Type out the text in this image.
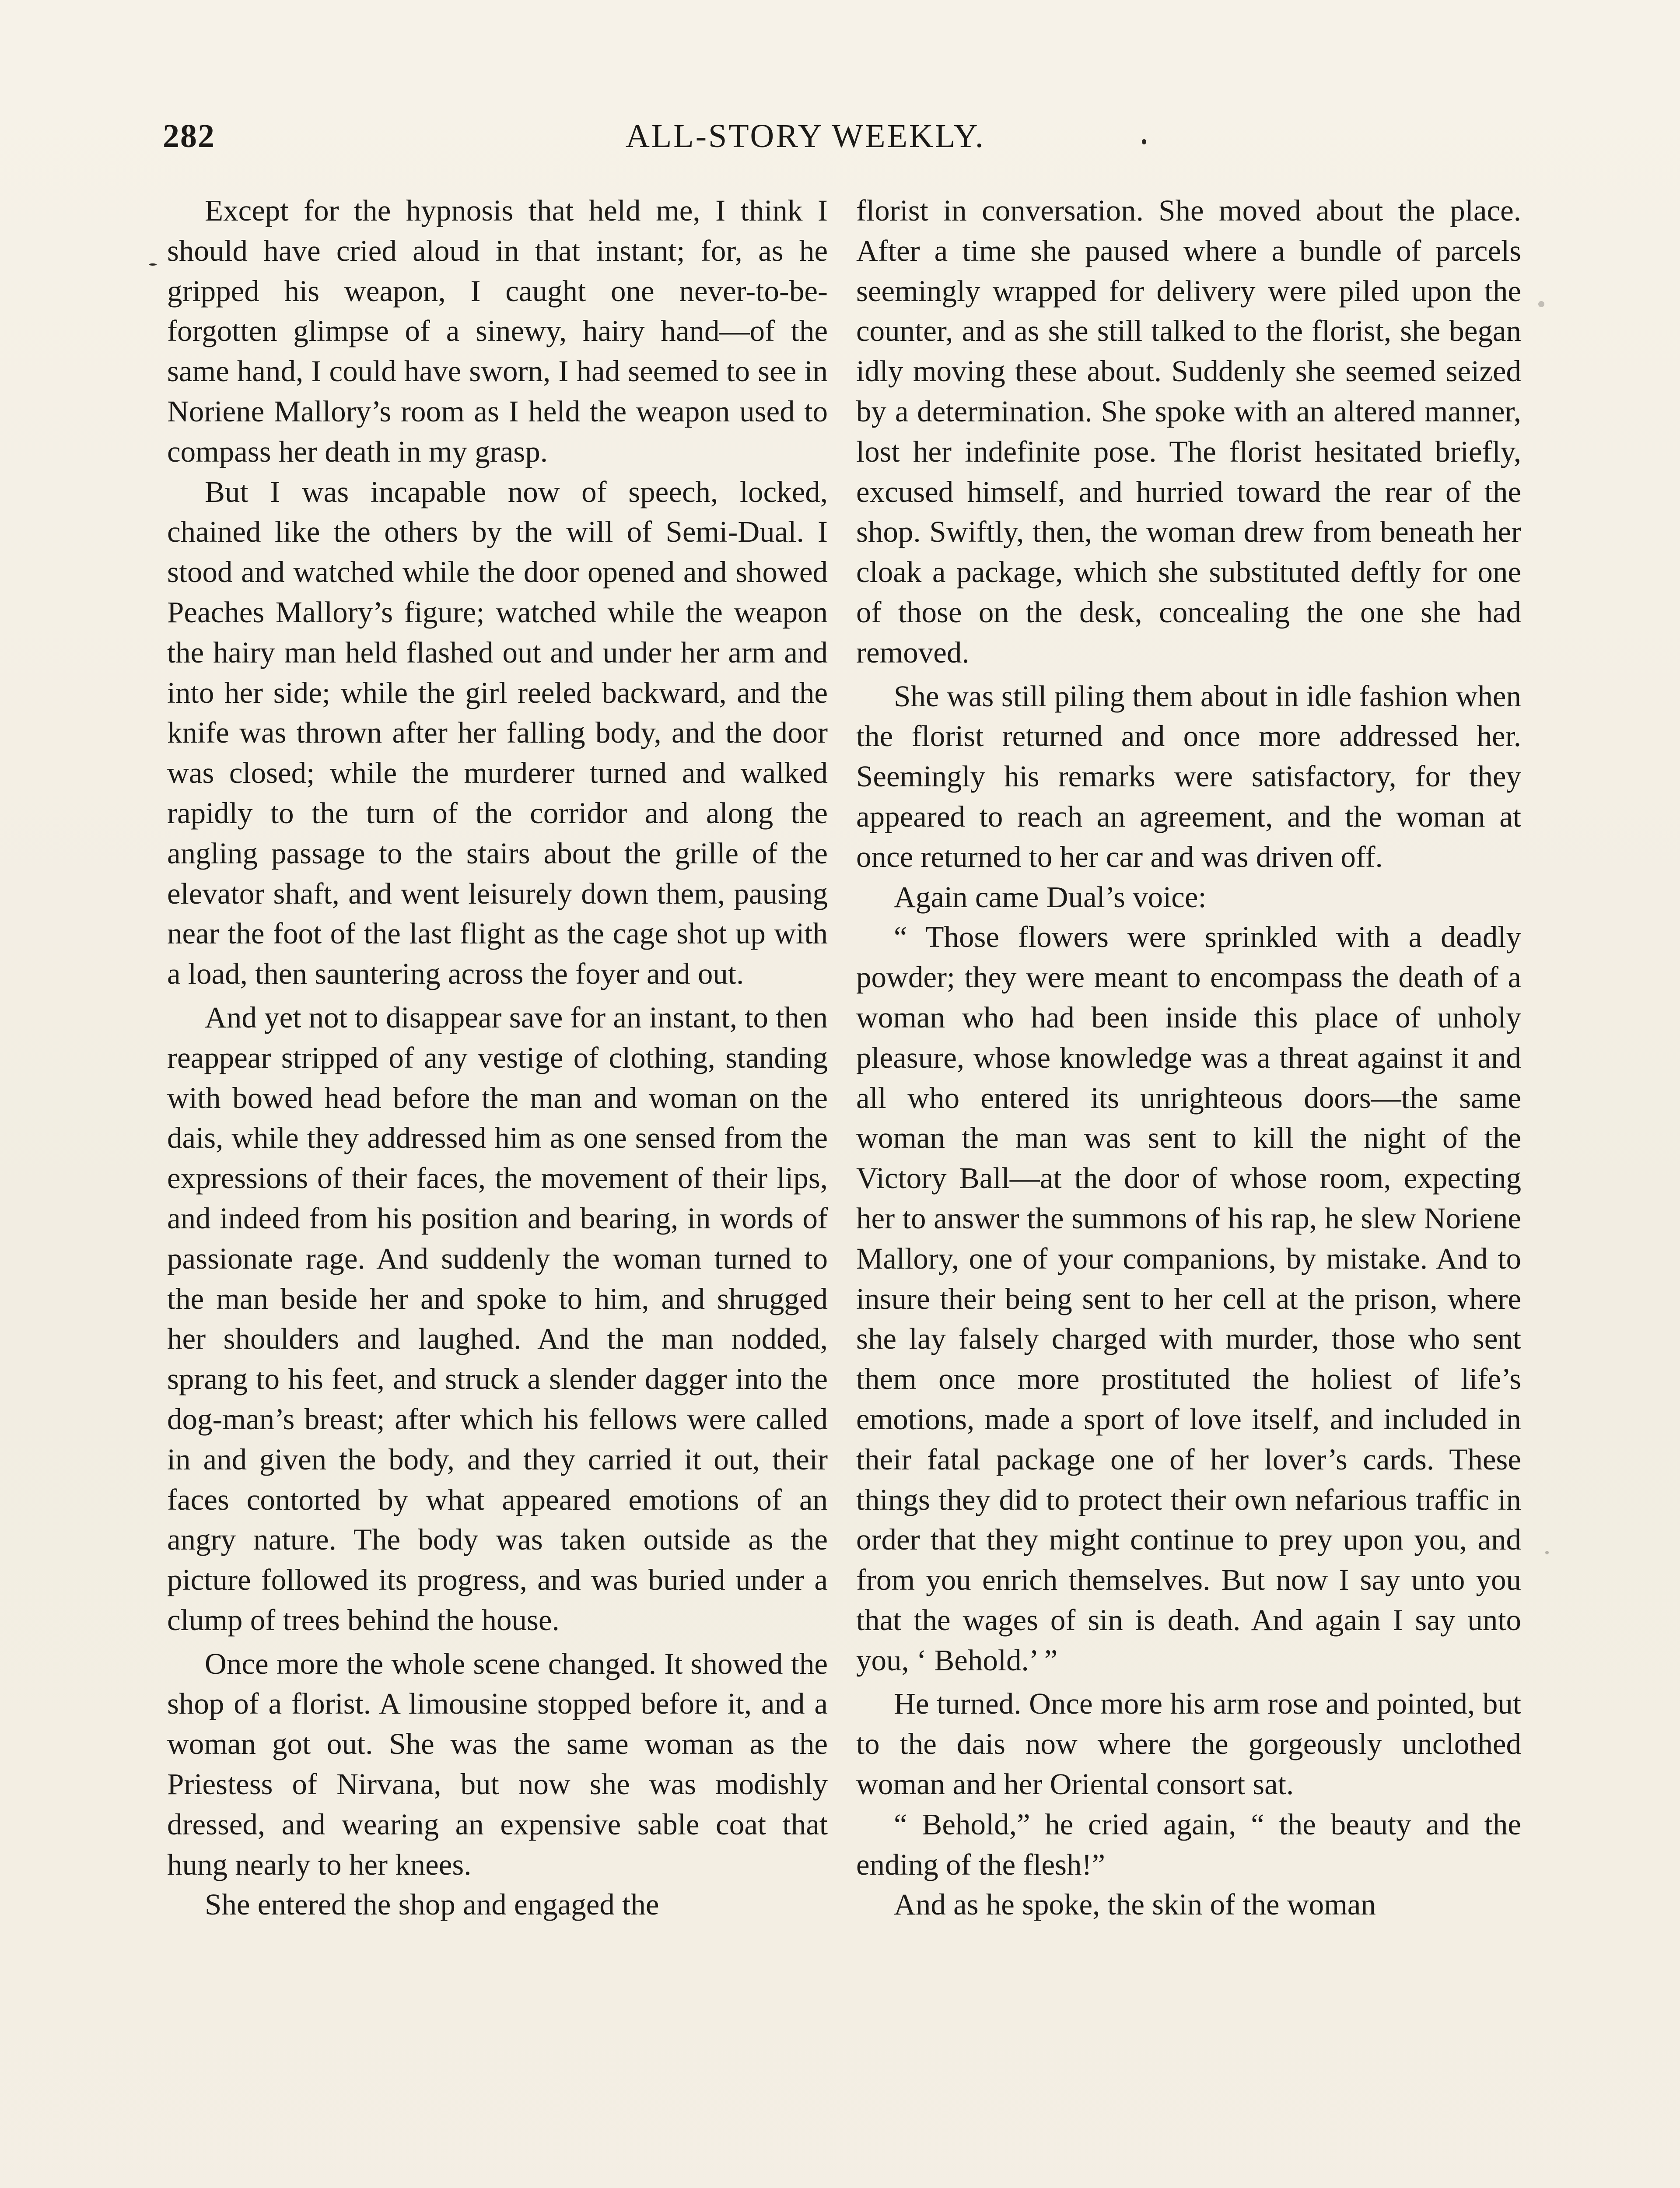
282	ALL-STORY WEEKLY.

Except for the hypnosis that held me, I think I should have cried aloud in that instant; for, as he gripped his weapon, I caught one never-to-be-forgotten glimpse of a sinewy, hairy hand—of the same hand, I could have sworn, I had seemed to see in Noriene Mallory’s room as I held the weapon used to compass her death in my grasp.

But I was incapable now of speech, locked, chained like the others by the will of Semi-Dual. I stood and watched while the door opened and showed Peaches Mallory’s figure; watched while the weapon the hairy man held flashed out and under her arm and into her side; while the girl reeled backward, and the knife was thrown after her falling body, and the door was closed; while the murderer turned and walked rapidly to the turn of the corridor and along the angling passage to the stairs about the grille of the elevator shaft, and went leisurely down them, pausing near the foot of the last flight as the cage shot up with a load, then sauntering across the foyer and out.

And yet not to disappear save for an instant, to then reappear stripped of any vestige of clothing, standing with bowed head before the man and woman on the dais, while they addressed him as one sensed from the expressions of their faces, the movement of their lips, and indeed from his position and bearing, in words of passionate rage. And suddenly the woman turned to the man beside her and spoke to him, and shrugged her shoulders and laughed. And the man nodded, sprang to his feet, and struck a slender dagger into the dog-man’s breast; after which his fellows were called in and given the body, and they carried it out, their faces contorted by what appeared emotions of an angry nature. The body was taken outside as the picture followed its progress, and was buried under a clump of trees behind the house.

Once more the whole scene changed. It showed the shop of a florist. A limousine stopped before it, and a woman got out. She was the same woman as the Priestess of Nirvana, but now she was modishly dressed, and wearing an expensive sable coat that hung nearly to her knees.

She entered the shop and engaged the

florist in conversation. She moved about the place. After a time she paused where a bundle of parcels seemingly wrapped for delivery were piled upon the counter, and as she still talked to the florist, she began idly moving these about. Suddenly she seemed seized by a determination. She spoke with an altered manner, lost her indefinite pose. The florist hesitated briefly, excused himself, and hurried toward the rear of the shop. Swiftly, then, the woman drew from beneath her cloak a package, which she substituted deftly for one of those on the desk, concealing the one she had removed.

She was still piling them about in idle fashion when the florist returned and once more addressed her. Seemingly his remarks were satisfactory, for they appeared to reach an agreement, and the woman at once returned to her car and was driven off.

Again came Dual’s voice:

“ Those flowers were sprinkled with a deadly powder; they were meant to encompass the death of a woman who had been inside this place of unholy pleasure, whose knowledge was a threat against it and all who entered its unrighteous doors—the same woman the man was sent to kill the night of the Victory Ball—at the door of whose room, expecting her to answer the summons of his rap, he slew Noriene Mallory, one of your companions, by mistake. And to insure their being sent to her cell at the prison, where she lay falsely charged with murder, those who sent them once more prostituted the holiest of life’s emotions, made a sport of love itself, and included in their fatal package one of her lover’s cards. These things they did to protect their own nefarious traffic in order that they might continue to prey upon you, and from you enrich themselves. But now I say unto you that the wages of sin is death. And again I say unto you, ‘ Behold.’ ”

He turned. Once more his arm rose and pointed, but to the dais now where the gorgeously unclothed woman and her Oriental consort sat.

“ Behold,” he cried again, “ the beauty and the ending of the flesh!”

And as he spoke, the skin of the woman
